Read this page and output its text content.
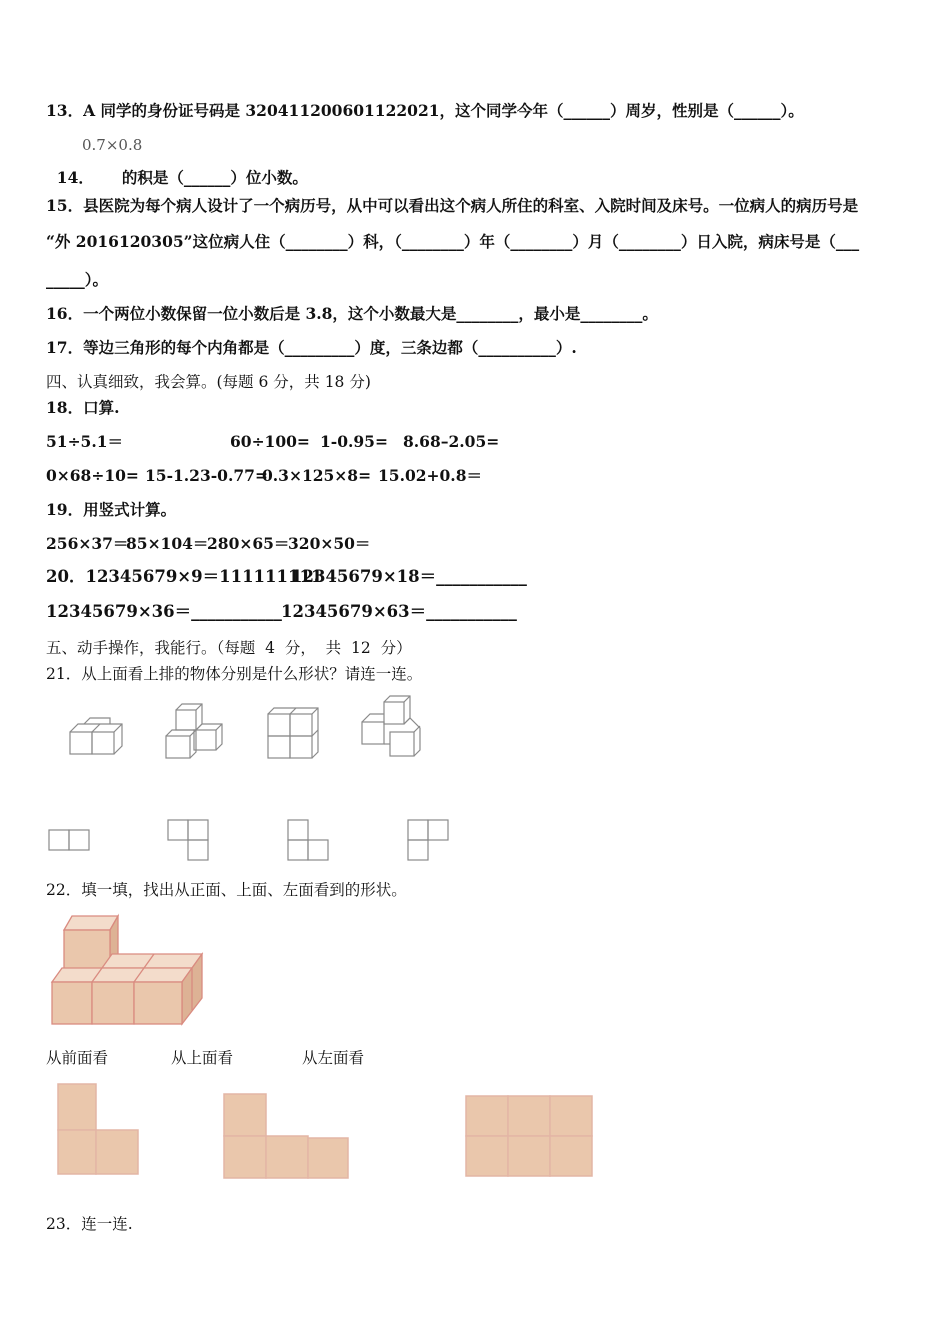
13．A 同学的身份证号码是 320411200601122021，这个同学今年（______）周岁，性别是（______）。

14． 的积是（______）位小数。

0.7×0.8
15．县医院为每个病人设计了一个病历号，从中可以看出这个病人所住的科室、入院时间及床号。一位病人的病历号是
“外 2016120305”这位病人住（________）科，（________）年（________）月（________）日入院，病床号是（___
_____）。
16．一个两位小数保留一位小数后是 3.8，这个小数最大是________，最小是________。
17．等边三角形的每个内角都是（_________）度，三条边都（__________）.
四、认真细致，我会算。(每题 6 分，共 18 分)
18．口算.
51÷5.1＝	60÷100= 1-0.95= 8.68–2.05=
0×68÷10= 15-1.23-0.77=
0.3×125×8= 15.02+0.8＝
19．用竖式计算。
256×37＝
85×104＝
280×65＝
320×50＝
20．12345679×9＝111111111
12345679×18＝___________
12345679×36＝___________ 12345679×63＝___________
五、动手操作，我能行。（每题  4  分，  共  12  分）
21．从上面看上排的物体分别是什么形状？请连一连。
22．填一填，找出从正面、上面、左面看到的形状。
从前面看	从上面看	从左面看
23．连一连.
